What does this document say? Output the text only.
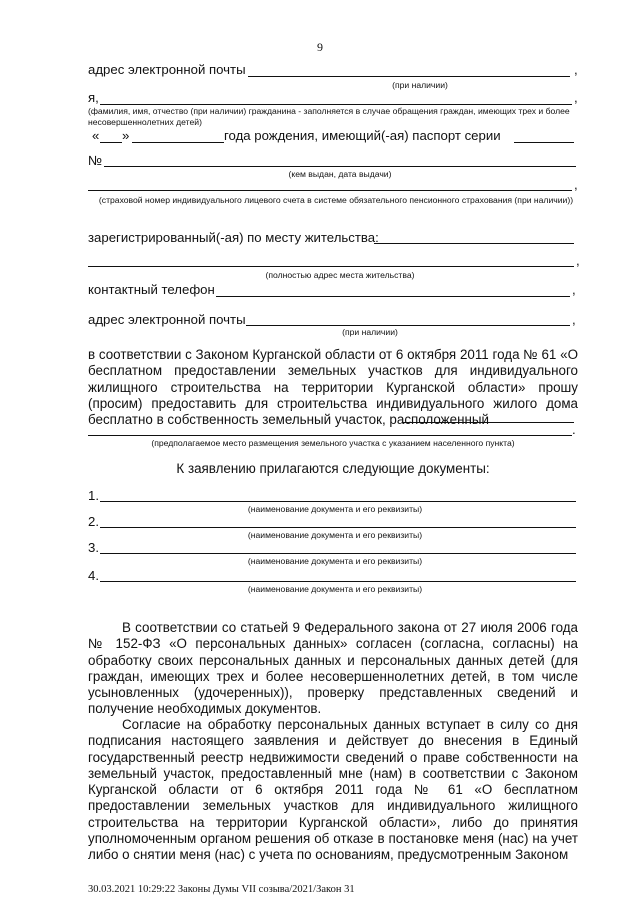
9
адрес электронной почты	,
(при наличии)
я,	,
(фамилия, имя, отчество (при наличии) гражданина - заполняется в случае обращения граждан, имеющих трех и более несовершеннолетних детей)
« »	года рождения, имеющий(-ая) паспорт серии
№
(кем выдан, дата выдачи)
,
(страховой номер индивидуального лицевого счета в системе обязательного пенсионного страхования (при наличии))
зарегистрированный(-ая) по месту жительства:
,
(полностью адрес места жительства)
контактный телефон	,
адрес электронной почты	,
(при наличии)
в соответствии с Законом Курганской области от 6 октября 2011 года № 61 «О бесплатном предоставлении земельных участков для индивидуального жилищного строительства на территории Курганской области» прошу (просим) предоставить для строительства индивидуального жилого дома бесплатно в собственность земельный участок, расположенный
.
(предполагаемое место размещения земельного участка с указанием населенного пункта)
К заявлению прилагаются следующие документы:
1.
(наименование документа и его реквизиты)
2.
(наименование документа и его реквизиты)
3.
(наименование документа и его реквизиты)
4.
(наименование документа и его реквизиты)
В соответствии со статьей 9 Федерального закона от 27 июля 2006 года № 152-ФЗ «О персональных данных» согласен (согласна, согласны) на обработку своих персональных данных и персональных данных детей (для граждан, имеющих трех и более несовершеннолетних детей, в том числе усыновленных (удочеренных)), проверку представленных сведений и получение необходимых документов.
Согласие на обработку персональных данных вступает в силу со дня подписания настоящего заявления и действует до внесения в Единый государственный реестр недвижимости сведений о праве собственности на земельный участок, предоставленный мне (нам) в соответствии с Законом Курганской области от 6 октября 2011 года № 61 «О бесплатном предоставлении земельных участков для индивидуального жилищного строительства на территории Курганской области», либо до принятия уполномоченным органом решения об отказе в постановке меня (нас) на учет либо о снятии меня (нас) с учета по основаниям, предусмотренным Законом
30.03.2021 10:29:22 Законы Думы VII созыва/2021/Закон 31
